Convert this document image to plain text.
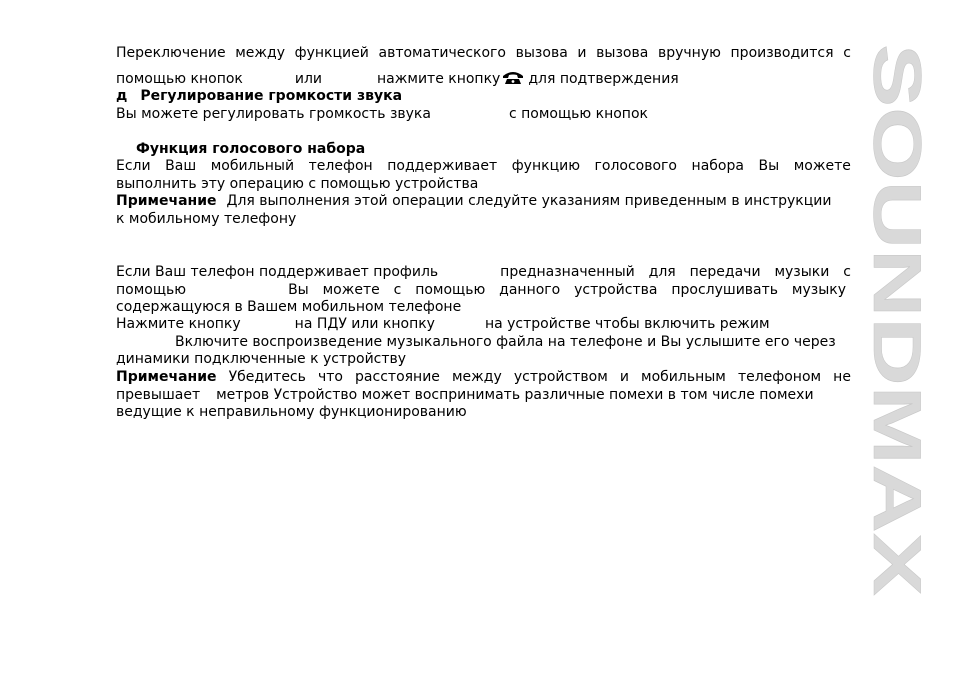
Переключение между функцией автоматического вызова и вызова вручную производится с
помощью кнопок	или	нажмите кнопку для подтверждения
д Регулирование громкости звука
Вы можете регулировать громкость звука	с помощью кнопок
Функция голосового набора
Если Ваш мобильный телефон поддерживает функцию голосового набора Вы можете
выполнить эту операцию с помощью устройства
Примечание Для выполнения этой операции следуйте указаниям приведенным в инструкции
к мобильному телефону
Если Ваш телефон поддерживает профиль	предназначенный для передачи музыки с
помощью	Вы можете с помощью данного устройства прослушивать музыку
содержащуюся в Вашем мобильном телефоне
Нажмите кнопку	на ПДУ или кнопку	на устройстве чтобы включить режим
Включите воспроизведение музыкального файла на телефоне и Вы услышите его через
динамики подключенные к устройству
Примечание Убедитесь что расстояние между устройством и мобильным телефоном не
превышает метров Устройство может воспринимать различные помехи в том числе помехи
ведущие к неправильному функционированию	SOUNDMAX
